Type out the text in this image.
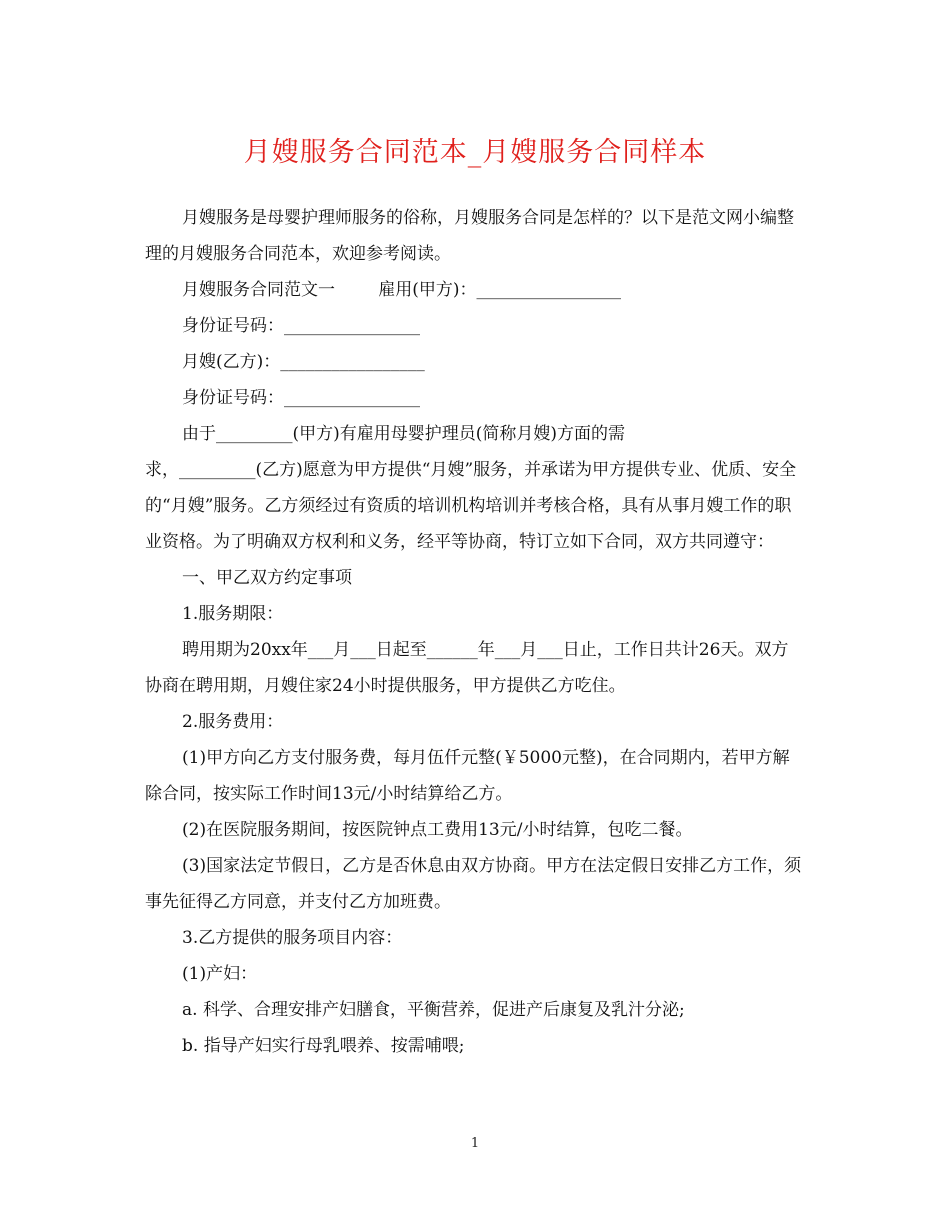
月嫂服务合同范本_月嫂服务合同样本

月嫂服务是母婴护理师服务的俗称，月嫂服务合同是怎样的？以下是范文网小编整理的月嫂服务合同范本，欢迎参考阅读。

月嫂服务合同范文一        雇用(甲方)：_________________

身份证号码：________________

月嫂(乙方)：_________________

身份证号码：________________

由于_________(甲方)有雇用母婴护理员(简称月嫂)方面的需

求，_________(乙方)愿意为甲方提供“月嫂”服务，并承诺为甲方提供专业、优质、安全的“月嫂”服务。乙方须经过有资质的培训机构培训并考核合格，具有从事月嫂工作的职业资格。为了明确双方权利和义务，经平等协商，特订立如下合同，双方共同遵守：

一、甲乙双方约定事项

1.服务期限：

聘用期为20xx年___月___日起至______年___月___日止，工作日共计26天。双方协商在聘用期，月嫂住家24小时提供服务，甲方提供乙方吃住。

2.服务费用：

(1)甲方向乙方支付服务费，每月伍仟元整(￥5000元整)，在合同期内，若甲方解除合同，按实际工作时间13元/小时结算给乙方。

(2)在医院服务期间，按医院钟点工费用13元/小时结算，包吃二餐。

(3)国家法定节假日，乙方是否休息由双方协商。甲方在法定假日安排乙方工作，须事先征得乙方同意，并支付乙方加班费。

3.乙方提供的服务项目内容：

(1)产妇：

a. 科学、合理安排产妇膳食，平衡营养，促进产后康复及乳汁分泌;

b. 指导产妇实行母乳喂养、按需哺喂;

1
